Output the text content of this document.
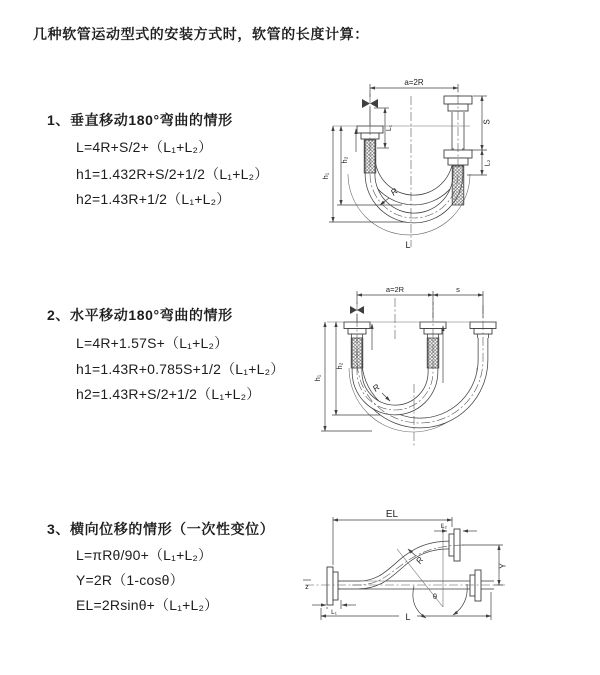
几种软管运动型式的安装方式时，软管的长度计算：
1、垂直移动180°弯曲的情形
L=4R+S/2+（L₁+L₂）
h1=1.432R+S/2+1/2（L₁+L₂）
h2=1.43R+1/2（L₁+L₂）
2、水平移动180°弯曲的情形
L=4R+1.57S+（L₁+L₂）
h1=1.43R+0.785S+1/2（L₁+L₂）
h2=1.43R+S/2+1/2（L₁+L₂）
3、横向位移的情形（一次性变位）
L=πRθ/90+（L₁+L₂）
Y=2R（1-cosθ）
EL=2Rsinθ+（L₁+L₂）
a=2R
L₁
S
L₂
h₁
h₂
R
L
a=2R	s
h₁
h₂
R
θ
R
EL
L₂
Y
L₁	L
z
